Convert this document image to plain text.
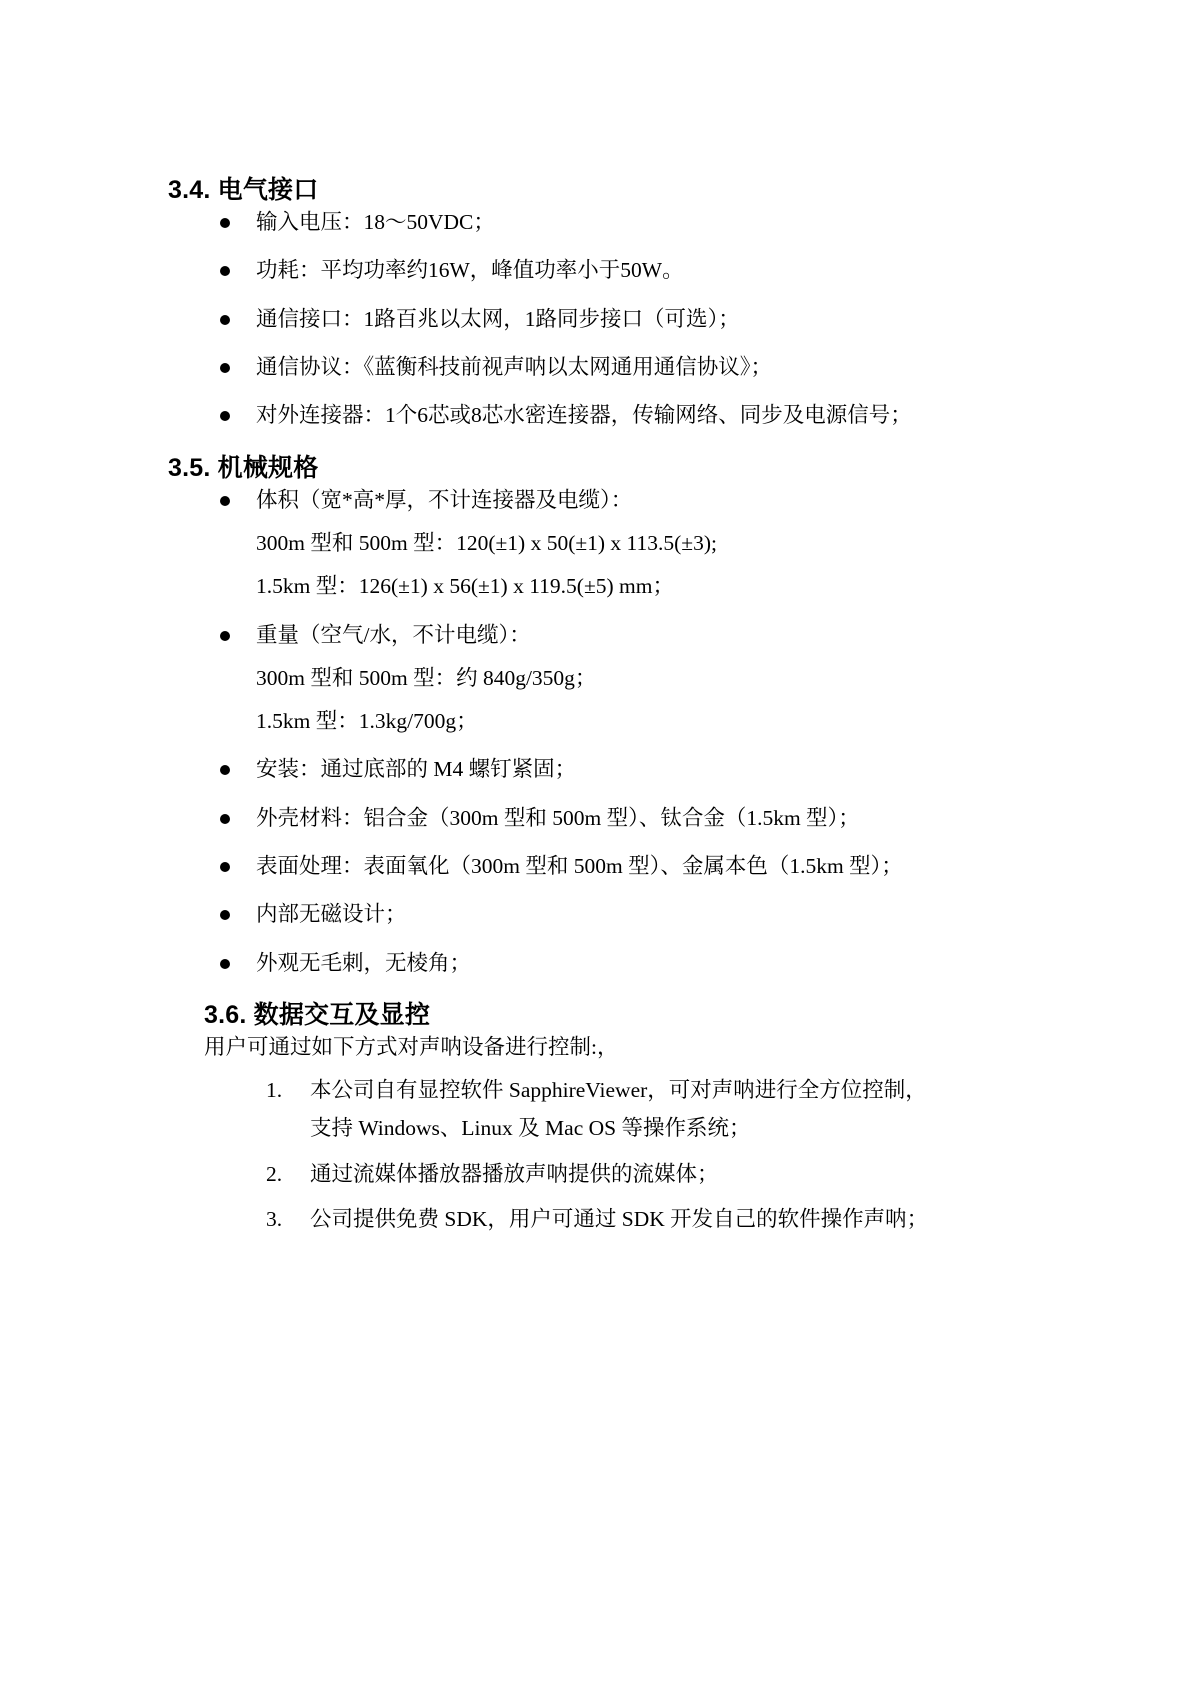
3.4. 电气接口
输入电压：18～50VDC；
功耗：平均功率约16W，峰值功率小于50W。
通信接口：1路百兆以太网，1路同步接口（可选）；
通信协议：《蓝衡科技前视声呐以太网通用通信协议》；
对外连接器：1个6芯或8芯水密连接器，传输网络、同步及电源信号；
3.5. 机械规格
体积（宽*高*厚，不计连接器及电缆）：
300m 型和 500m 型：120(±1) x 50(±1) x 113.5(±3);
1.5km 型：126(±1) x 56(±1) x 119.5(±5) mm；
重量（空气/水，不计电缆）：
300m 型和 500m 型：约 840g/350g；
1.5km 型：1.3kg/700g；
安装：通过底部的 M4 螺钉紧固；
外壳材料：铝合金（300m 型和 500m 型）、钛合金（1.5km 型）；
表面处理：表面氧化（300m 型和 500m 型）、金属本色（1.5km 型）；
内部无磁设计；
外观无毛刺，无棱角；
3.6. 数据交互及显控

用户可通过如下方式对声呐设备进行控制:，

本公司自有显控软件 SapphireViewer，可对声呐进行全方位控制，
支持 Windows、Linux 及 Mac OS 等操作系统；
通过流媒体播放器播放声呐提供的流媒体；
公司提供免费 SDK，用户可通过 SDK 开发自己的软件操作声呐；
